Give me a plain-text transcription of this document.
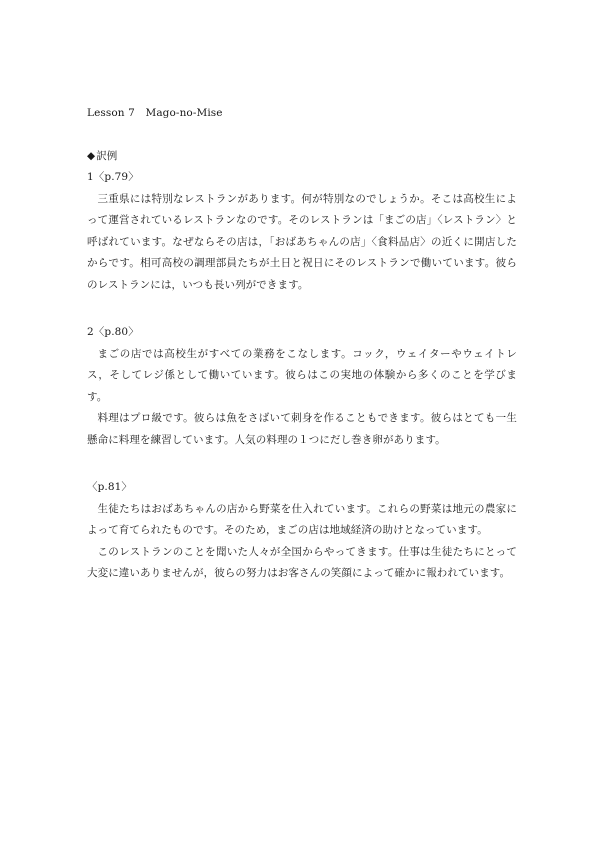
Lesson 7　Mago-no-Mise

◆訳例

1〈p.79〉

三重県には特別なレストランがあります。何が特別なのでしょうか。そこは高校生によって運営されているレストランなのです。そのレストランは「まごの店」〈レストラン〉と呼ばれています。なぜならその店は，「おばあちゃんの店」〈食料品店〉の近くに開店したからです。相可高校の調理部員たちが土日と祝日にそのレストランで働いています。彼らのレストランには，いつも長い列ができます。

2〈p.80〉

まごの店では高校生がすべての業務をこなします。コック，ウェイターやウェイトレス，そしてレジ係として働いています。彼らはこの実地の体験から多くのことを学びます。

料理はプロ級です。彼らは魚をさばいて刺身を作ることもできます。彼らはとても一生懸命に料理を練習しています。人気の料理の１つにだし巻き卵があります。

〈p.81〉

生徒たちはおばあちゃんの店から野菜を仕入れています。これらの野菜は地元の農家によって育てられたものです。そのため，まごの店は地域経済の助けとなっています。

このレストランのことを聞いた人々が全国からやってきます。仕事は生徒たちにとって大変に違いありませんが，彼らの努力はお客さんの笑顔によって確かに報われています。
